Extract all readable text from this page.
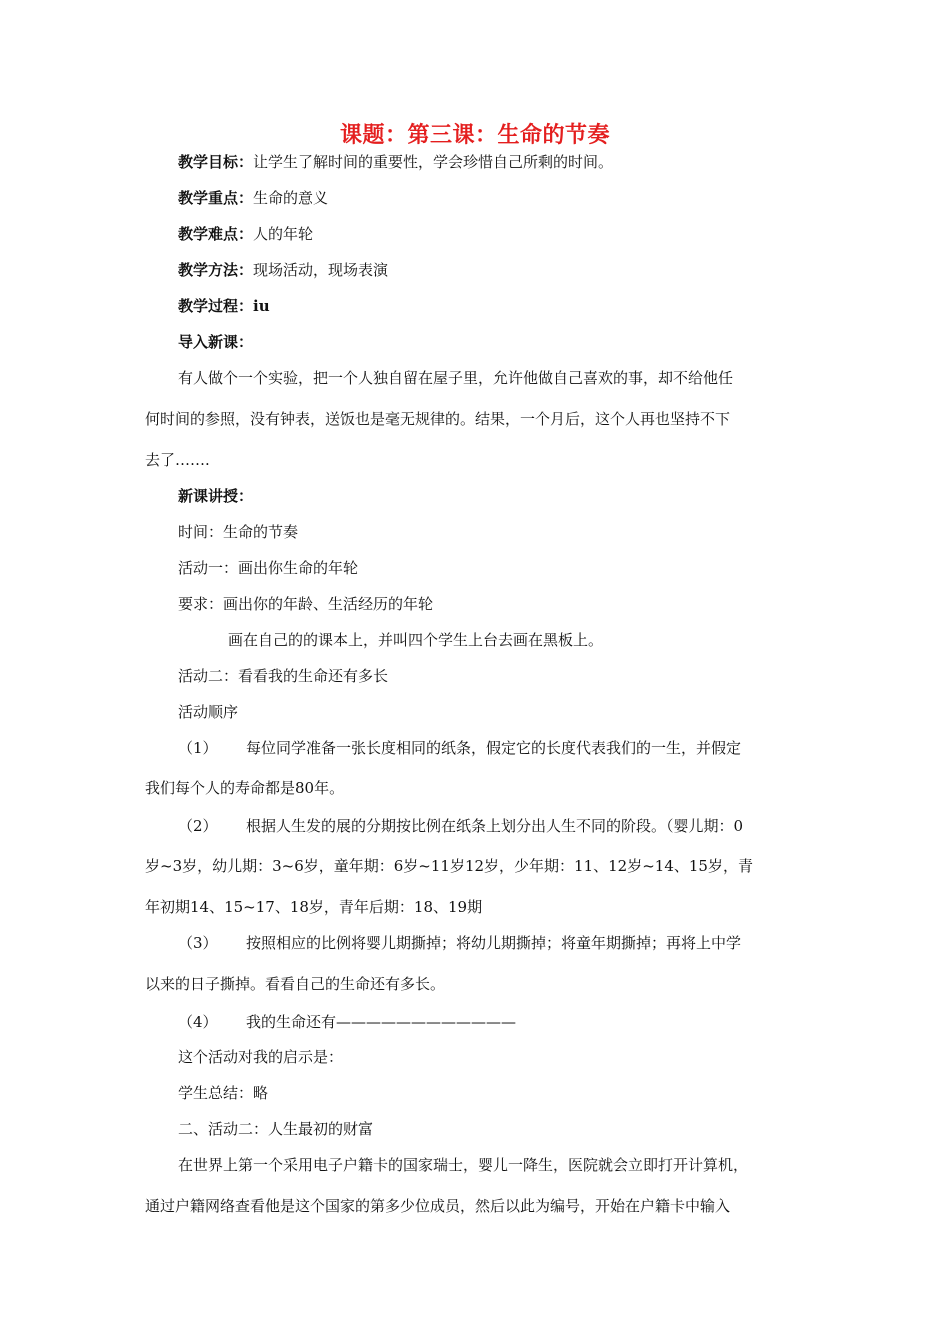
课题：第三课：生命的节奏
教学目标：让学生了解时间的重要性，学会珍惜自己所剩的时间。
教学重点：生命的意义
教学难点：人的年轮
教学方法：现场活动，现场表演
教学过程：iu
导入新课：
有人做个一个实验，把一个人独自留在屋子里，允许他做自己喜欢的事，却不给他任
何时间的参照，没有钟表，送饭也是毫无规律的。结果，一个月后，这个人再也坚持不下
去了…….
新课讲授：
时间：生命的节奏
活动一：画出你生命的年轮
要求：画出你的年龄、生活经历的年轮
画在自己的的课本上，并叫四个学生上台去画在黑板上。
活动二：看看我的生命还有多长
活动顺序
（1） 每位同学准备一张长度相同的纸条，假定它的长度代表我们的一生，并假定
我们每个人的寿命都是80年。
（2） 根据人生发的展的分期按比例在纸条上划分出人生不同的阶段。（婴儿期：0
岁~3岁，幼儿期：3~6岁，童年期：6岁~11岁12岁，少年期：11、12岁~14、15岁，青
年初期14、15~17、18岁，青年后期：18、19期
（3） 按照相应的比例将婴儿期撕掉；将幼儿期撕掉；将童年期撕掉；再将上中学
以来的日子撕掉。看看自己的生命还有多长。
（4） 我的生命还有————————————
这个活动对我的启示是：
学生总结：略
二、活动二：人生最初的财富
在世界上第一个采用电子户籍卡的国家瑞士，婴儿一降生，医院就会立即打开计算机，
通过户籍网络查看他是这个国家的第多少位成员，然后以此为编号，开始在户籍卡中输入
